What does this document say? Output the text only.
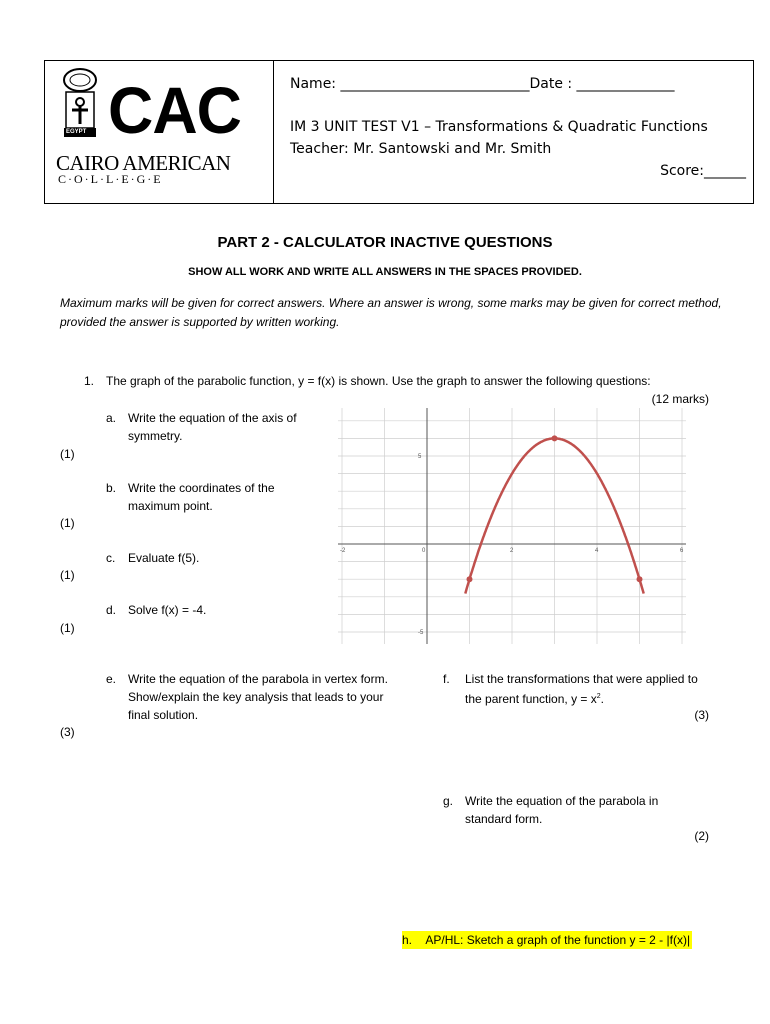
EGYPT CAC
CAIRO AMERICAN
C·O·L·L·E·G·E
Name: ___________________________Date : ______________
IM 3 UNIT TEST V1 – Transformations & Quadratic Functions
Teacher: Mr. Santowski and Mr. Smith
Score:______
PART 2 - CALCULATOR INACTIVE QUESTIONS
SHOW ALL WORK AND WRITE ALL ANSWERS IN THE SPACES PROVIDED.
Maximum marks will be given for correct answers. Where an answer is wrong, some marks may be given for correct method, provided the answer is supported by written working.
1. The graph of the parabolic function, y = f(x) is shown. Use the graph to answer the following questions:
(12 marks)
a. Write the equation of the axis of symmetry.
(1)
b. Write the coordinates of the maximum point.
(1)
c. Evaluate f(5).
(1)
d. Solve f(x) = -4.
(1)
e. Write the equation of the parabola in vertex form. Show/explain the key analysis that leads to your final solution.
(3)
f. List the transformations that were applied to the parent function, $y = x^2$.
(3)
g. Write the equation of the parabola in standard form.
(2)
h. AP/HL: Sketch a graph of the function y = 2 - |f(x)|
-2	0	2	4	6
5
-5
